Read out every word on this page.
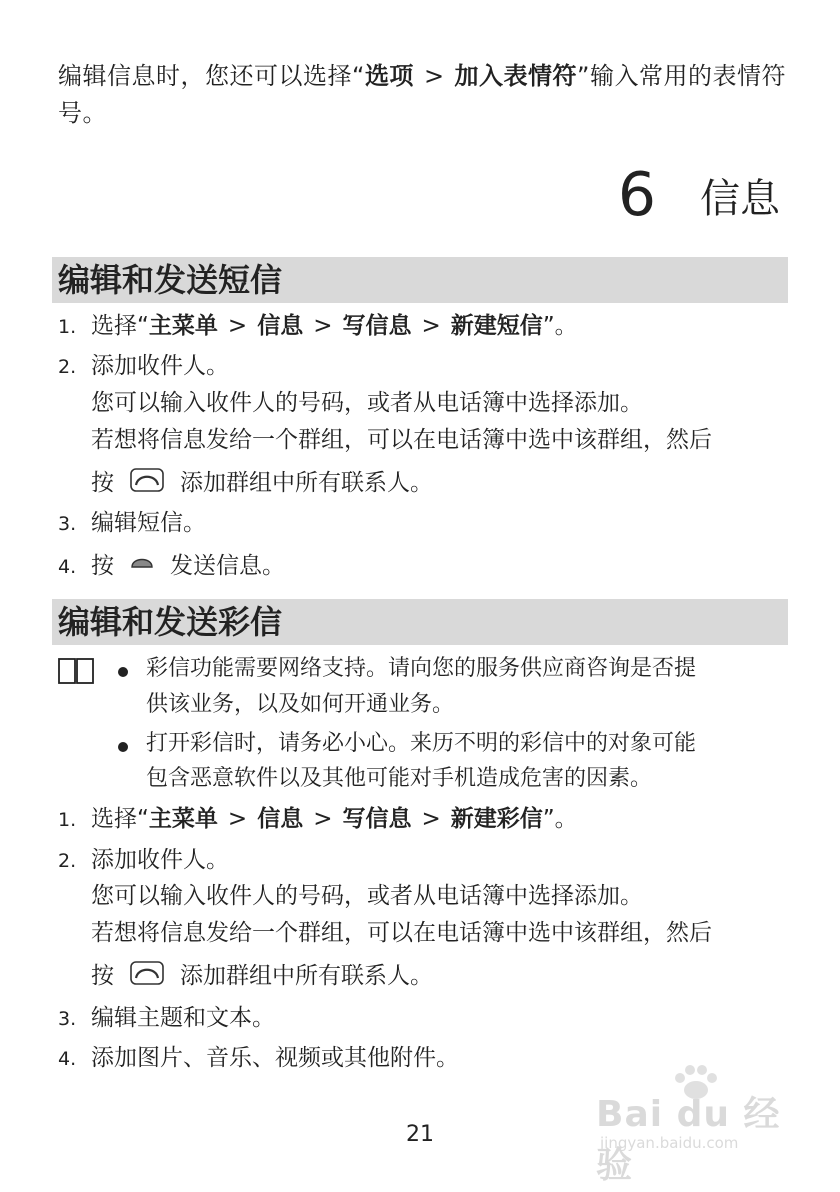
编辑信息时，您还可以选择“选项 > 加入表情符”输入常用的表情符号。
6 信息
编辑和发送短信
1. 选择“主菜单 > 信息 > 写信息 > 新建短信”。
2. 添加收件人。
您可以输入收件人的号码，或者从电话簿中选择添加。
若想将信息发给一个群组，可以在电话簿中选中该群组，然后
按	添加群组中所有联系人。
3. 编辑短信。
4. 按 发送信息。
编辑和发送彩信
彩信功能需要网络支持。请向您的服务供应商咨询是否提
供该业务，以及如何开通业务。
打开彩信时，请务必小心。来历不明的彩信中的对象可能
包含恶意软件以及其他可能对手机造成危害的因素。
1. 选择“主菜单 > 信息 > 写信息 > 新建彩信”。
2. 添加收件人。
您可以输入收件人的号码，或者从电话簿中选择添加。
若想将信息发给一个群组，可以在电话簿中选中该群组，然后
按	添加群组中所有联系人。
3. 编辑主题和文本。
4. 添加图片、音乐、视频或其他附件。
21	Bai du 经验
jingyan.baidu.com
